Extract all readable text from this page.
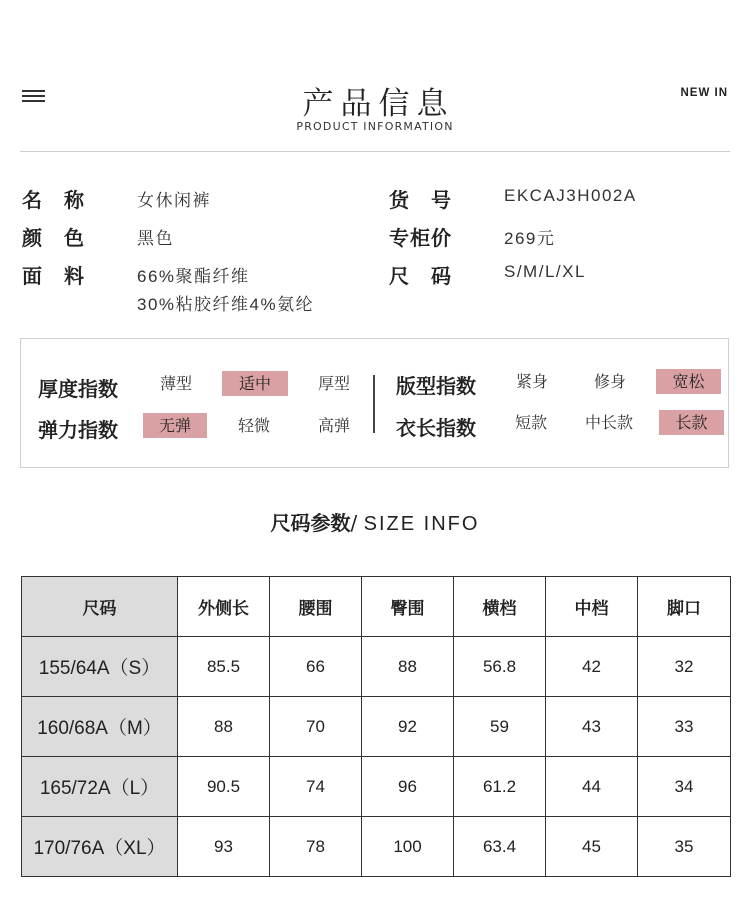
产品信息
PRODUCT INFORMATION
NEW IN
名　称	女休闲裤
颜　色	黑色
面　料	66%聚酯纤维
30%粘胶纤维4%氨纶
货　号	EKCAJ3H002A
专柜价	269元
尺　码	S/M/L/XL
厚度指数	薄型	适中	厚型
弹力指数	无弹	轻微	高弹
版型指数	紧身	修身	宽松
衣长指数	短款	中长款	长款
尺码参数/ SIZE INFO
尺码	外侧长	腰围	臀围	横档	中档	脚口
155/64A（S）	85.5	66	88	56.8	42	32
160/68A（M）	88	70	92	59	43	33
165/72A（L）	90.5	74	96	61.2	44	34
170/76A（XL）	93	78	100	63.4	45	35
